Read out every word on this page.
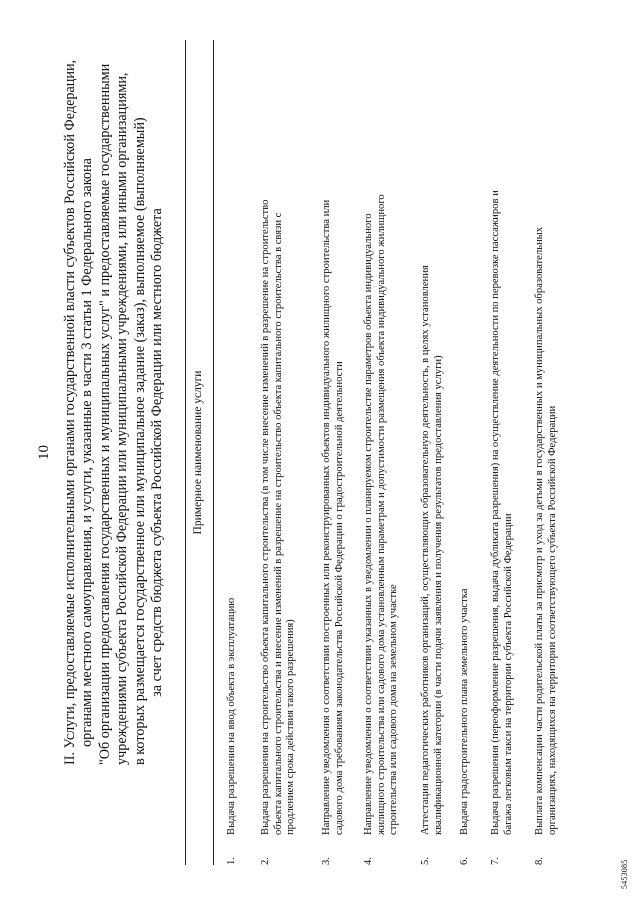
10 II. Услуги, предоставляемые исполнительными органами государственной власти субъектов Российской Федерации, органами местного самоуправления, и услуги, указанные в части 3 статьи 1 Федерального закона "Об организации предоставления государственных и муниципальных услуг" и предоставляемые государственными учреждениями субъекта Российской Федерации или муниципальными учреждениями, или иными организациями, в которых размещается государственное или муниципальное задание (заказ), выполняемое (выполняемый) за счет средств бюджета субъекта Российской Федерации или местного бюджета	Примерное наименование услуги
1.
Выдача разрешения на ввод объекта в эксплуатацию
2.
Выдача разрешения на строительство объекта капитального строительства (в том числе внесение изменений в разрешение на строительство объекта капитального строительства и внесение изменений в разрешение на строительство объекта капитального строительства в связи с продлением срока действия такого разрешения)
3.
Направление уведомления о соответствии построенных или реконструированных объектов индивидуального жилищного строительства или садового дома требованиям законодательства Российской Федерации о градостроительной деятельности
4.
Направление уведомления о соответствии указанных в уведомлении о планируемом строительстве параметров объекта индивидуального жилищного строительства или садового дома установленным параметрам и допустимости размещения объекта индивидуального жилищного строительства или садового дома на земельном участке
5.
Аттестация педагогических работников организаций, осуществляющих образовательную деятельность, в целях установления квалификационной категории (в части подачи заявления и получения результатов предоставления услуги)
6.
Выдача градостроительного плана земельного участка
7.
Выдача разрешения (переоформление разрешения, выдача дубликата разрешения) на осуществление деятельности по перевозке пассажиров и багажа легковым такси на территории субъекта Российской Федерации
8.
Выплата компенсации части родительской платы за присмотр и уход за детьми в государственных и муниципальных образовательных организациях, находящихся на территории соответствующего субъекта Российской Федерации
5453085
